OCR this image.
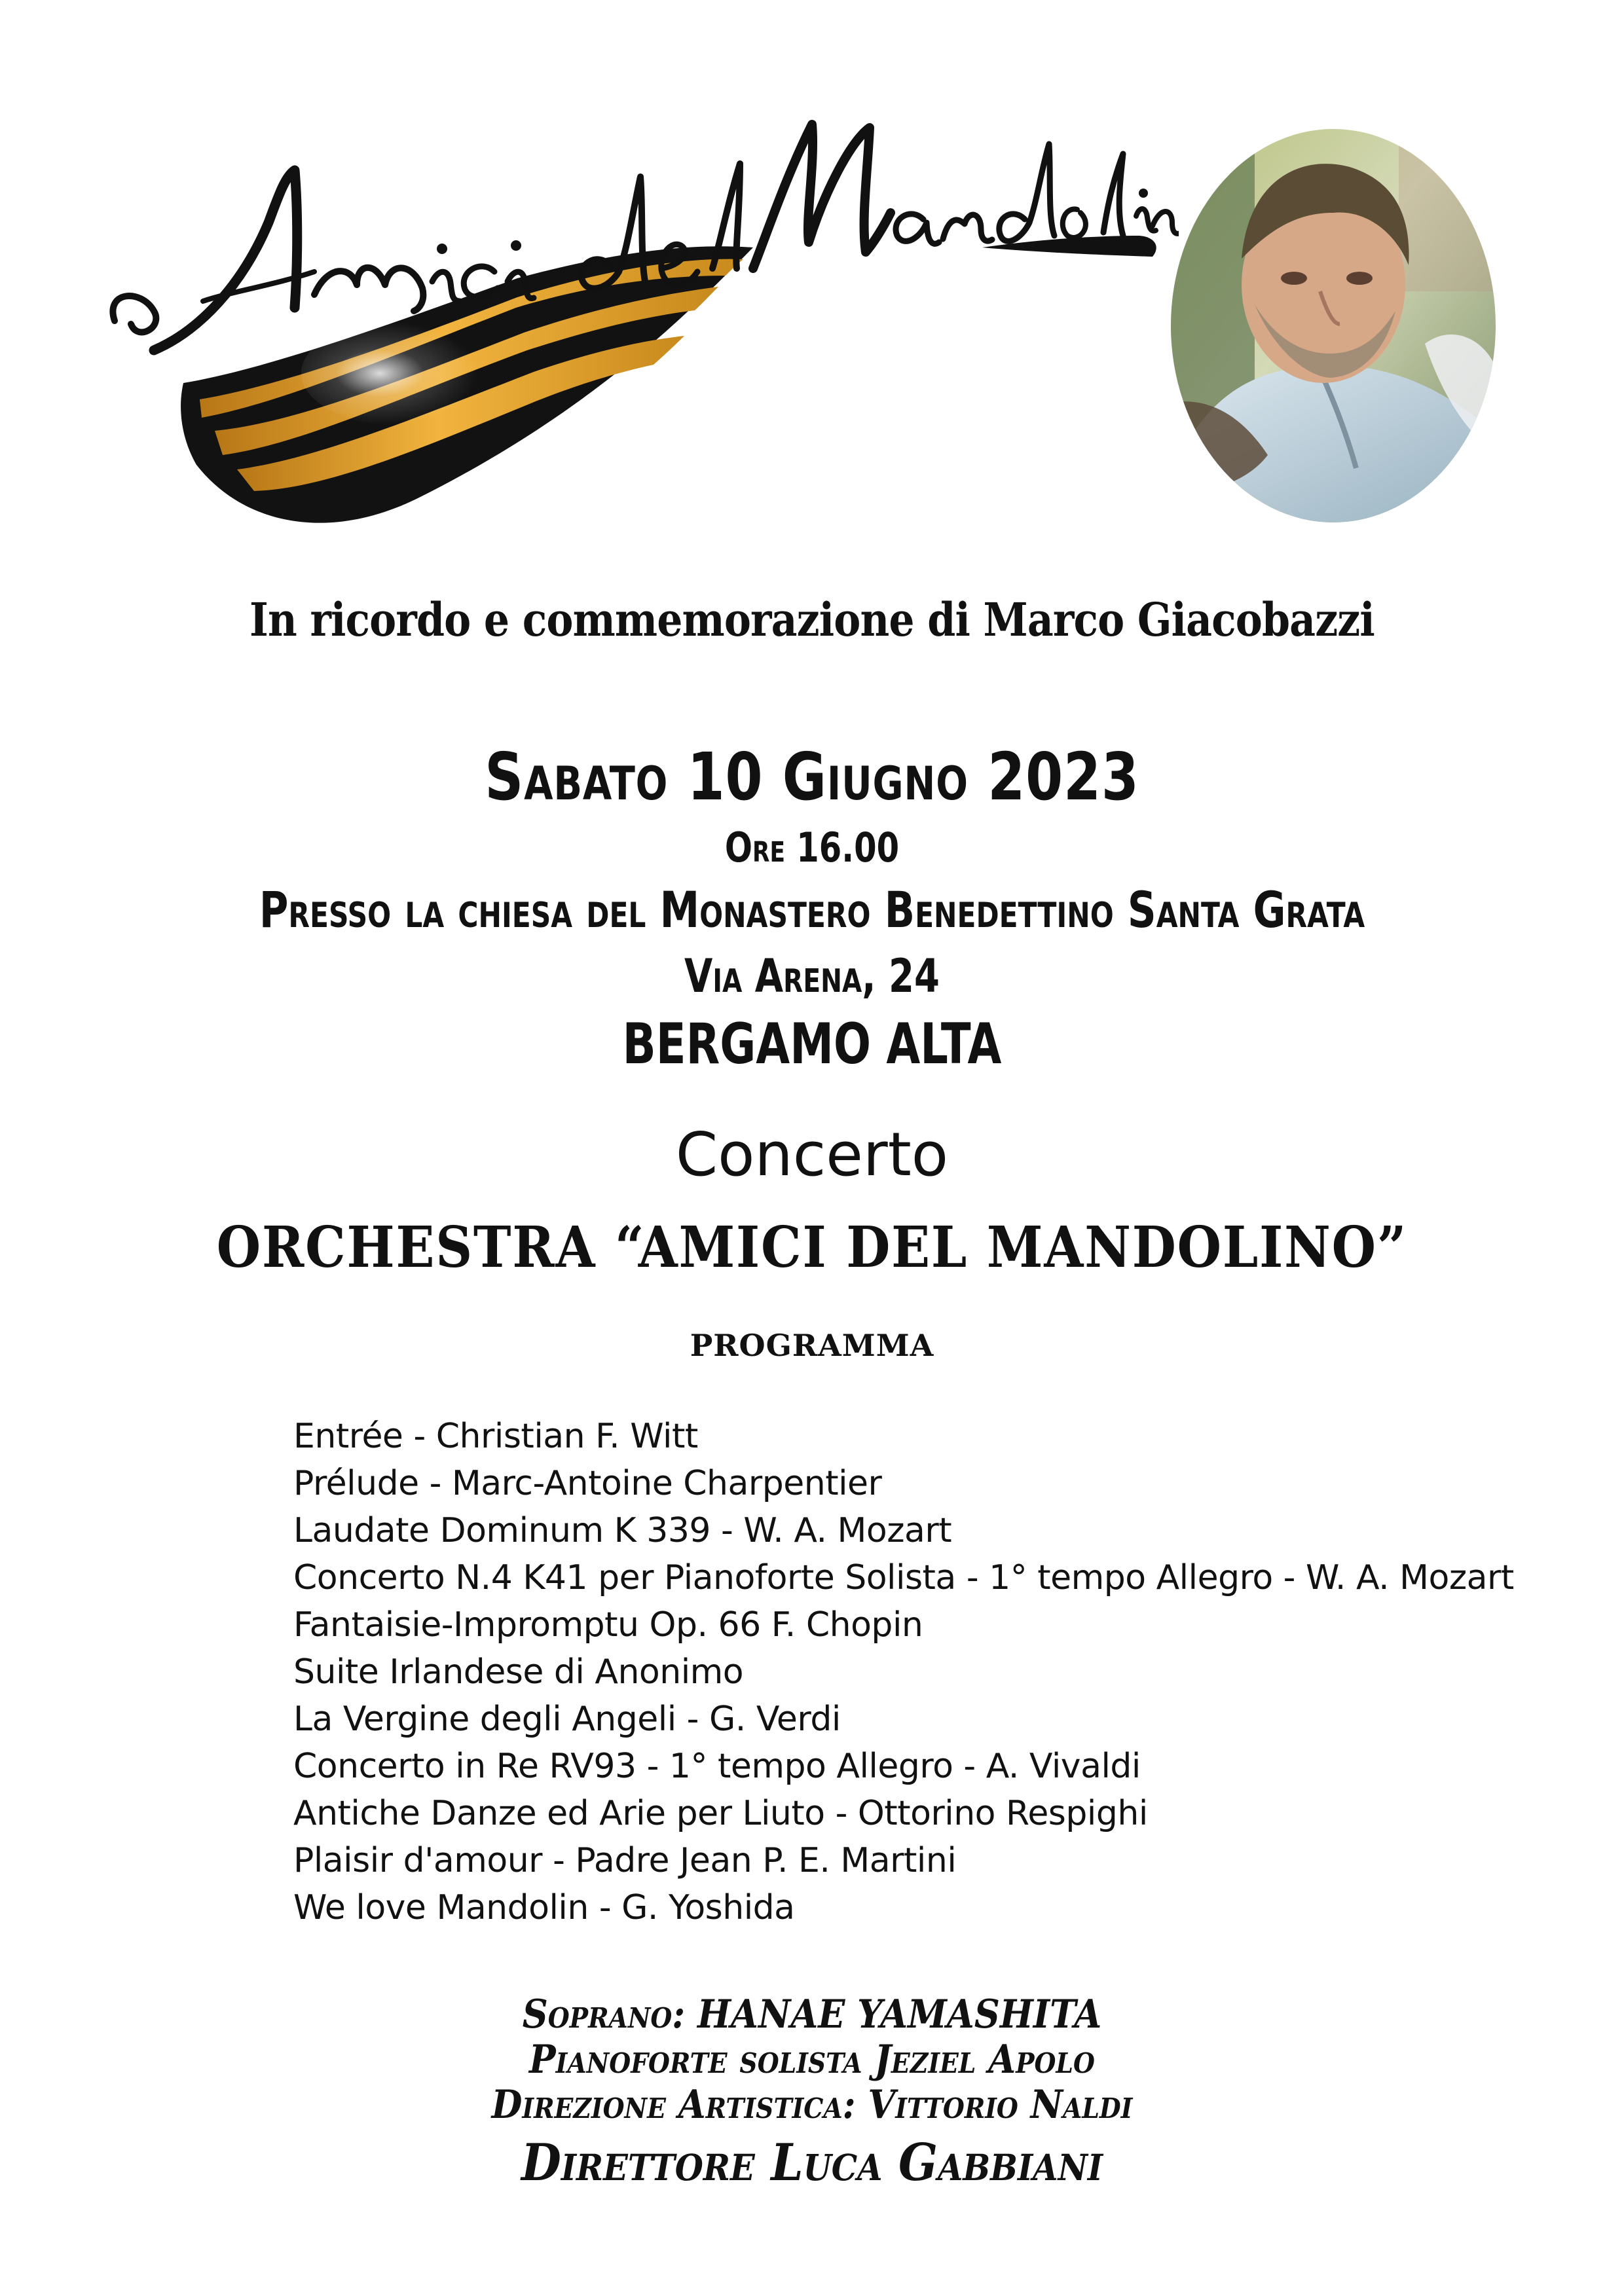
In ricordo e commemorazione di Marco Giacobazzi

Sabato 10 Giugno 2023

Ore 16.00

Presso la chiesa del Monastero Benedettino Santa Grata

Via Arena, 24

BERGAMO ALTA

Concerto

ORCHESTRA “AMICI DEL MANDOLINO”

PROGRAMMA

Entrée - Christian F. Witt
Prélude - Marc-Antoine Charpentier
Laudate Dominum K 339 - W. A. Mozart
Concerto N.4 K41 per Pianoforte Solista - 1° tempo Allegro - W. A. Mozart
Fantaisie-Impromptu Op. 66 F. Chopin
Suite Irlandese di Anonimo
La Vergine degli Angeli - G. Verdi
Concerto in Re RV93 - 1° tempo Allegro - A. Vivaldi
Antiche Danze ed Arie per Liuto - Ottorino Respighi
Plaisir d'amour - Padre Jean P. E. Martini
We love Mandolin - G. Yoshida

Soprano: HANAE YAMASHITA

Pianoforte solista Jeziel Apolo

Direzione Artistica: Vittorio Naldi

Direttore Luca Gabbiani
